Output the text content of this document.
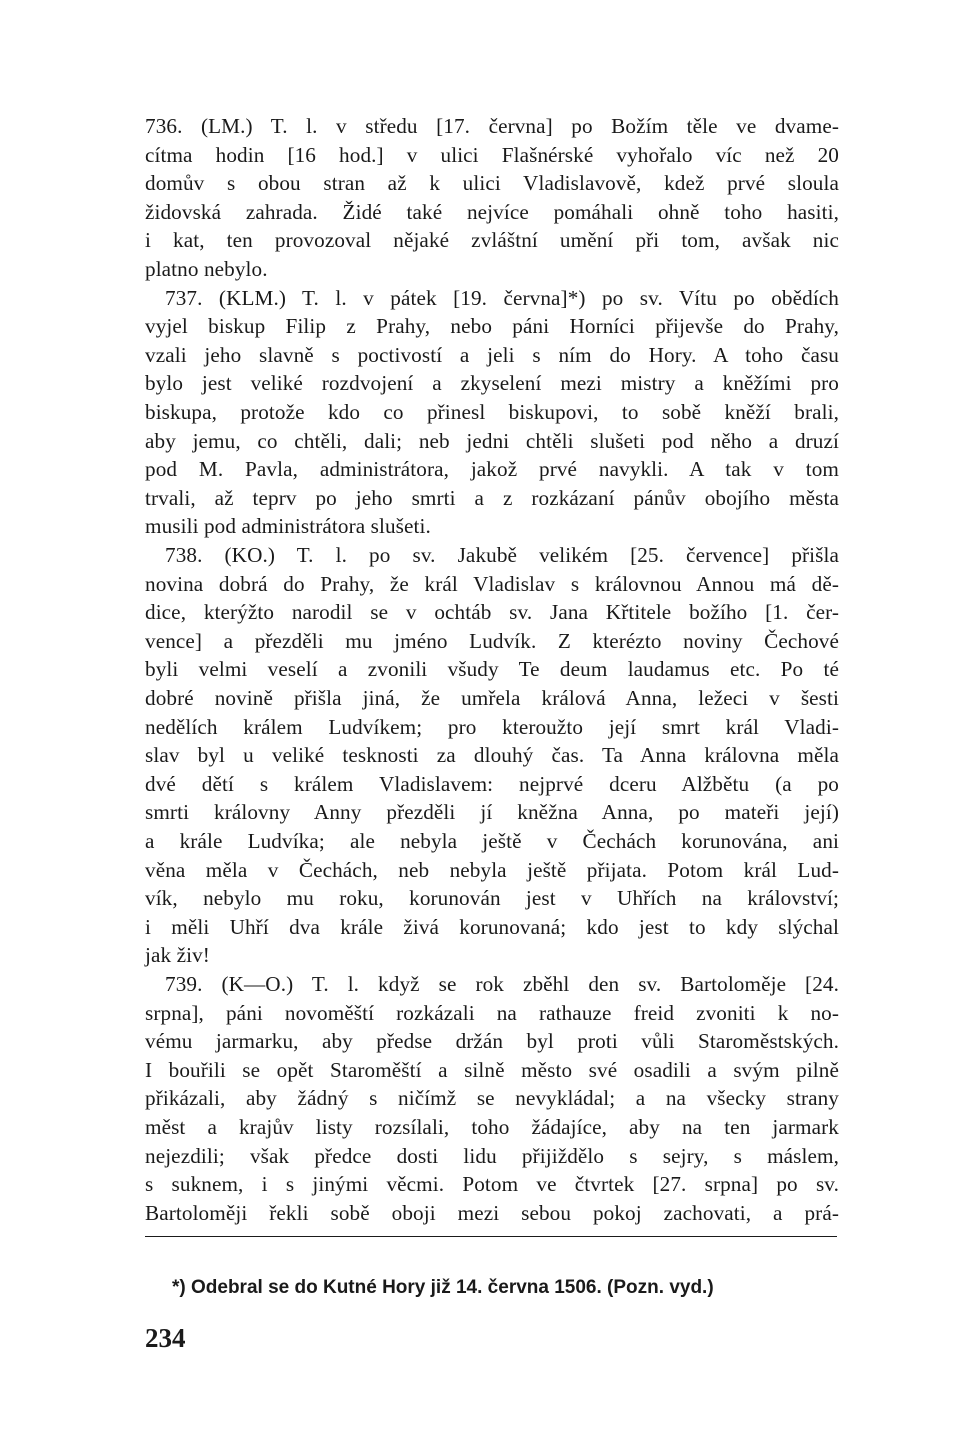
736. (LM.) T. l. v středu [17. června] po Božím těle ve dvame-
cítma hodin [16 hod.] v ulici Flašnérské vyhořalo víc než 20
domův s obou stran až k ulici Vladislavově, kdež prvé sloula
židovská zahrada. Židé také nejvíce pomáhali ohně toho hasiti,
i kat, ten provozoval nějaké zvláštní umění při tom, avšak nic
platno nebylo.
737. (KLM.) T. l. v pátek [19. června]*) po sv. Vítu po obědích
vyjel biskup Filip z Prahy, nebo páni Horníci přijevše do Prahy,
vzali jeho slavně s poctivostí a jeli s ním do Hory. A toho času
bylo jest veliké rozdvojení a zkyselení mezi mistry a kněžími pro
biskupa, protože kdo co přinesl biskupovi, to sobě kněží brali,
aby jemu, co chtěli, dali; neb jedni chtěli slušeti pod něho a druzí
pod M. Pavla, administrátora, jakož prvé navykli. A tak v tom
trvali, až teprv po jeho smrti a z rozkázaní pánův obojího města
musili pod administrátora slušeti.
738. (KO.) T. l. po sv. Jakubě velikém [25. července] přišla
novina dobrá do Prahy, že král Vladislav s královnou Annou má dě-
dice, kterýžto narodil se v ochtáb sv. Jana Křtitele božího [1. čer-
vence] a přezděli mu jméno Ludvík. Z kterézto noviny Čechové
byli velmi veselí a zvonili všudy Te deum laudamus etc. Po té
dobré novině přišla jiná, že umřela králová Anna, ležeci v šesti
nedělích králem Ludvíkem; pro kteroužto její smrt král Vladi-
slav byl u veliké tesknosti za dlouhý čas. Ta Anna královna měla
dvé dětí s králem Vladislavem: nejprvé dceru Alžbětu (a po
smrti královny Anny přezděli jí kněžna Anna, po mateři její)
a krále Ludvíka; ale nebyla ještě v Čechách korunována, ani
věna měla v Čechách, neb nebyla ještě přijata. Potom král Lud-
vík, nebylo mu roku, korunován jest v Uhřích na království;
i měli Uhří dva krále živá korunovaná; kdo jest to kdy slýchal
jak živ!
739. (K—O.) T. l. když se rok zběhl den sv. Bartoloměje [24.
srpna], páni novoměští rozkázali na rathauze freid zvoniti k no-
vému jarmarku, aby předse držán byl proti vůli Staroměstských.
I bouřili se opět Staroměští a silně město své osadili a svým pilně
přikázali, aby žádný s ničímž se nevykládal; a na všecky strany
měst a krajův listy rozsílali, toho žádajíce, aby na ten jarmark
nejezdili; však předce dosti lidu přijiždělo s sejry, s máslem,
s suknem, i s jinými věcmi. Potom ve čtvrtek [27. srpna] po sv.
Bartoloměji řekli sobě oboji mezi sebou pokoj zachovati, a prá-
*) Odebral se do Kutné Hory již 14. června 1506. (Pozn. vyd.)
234
